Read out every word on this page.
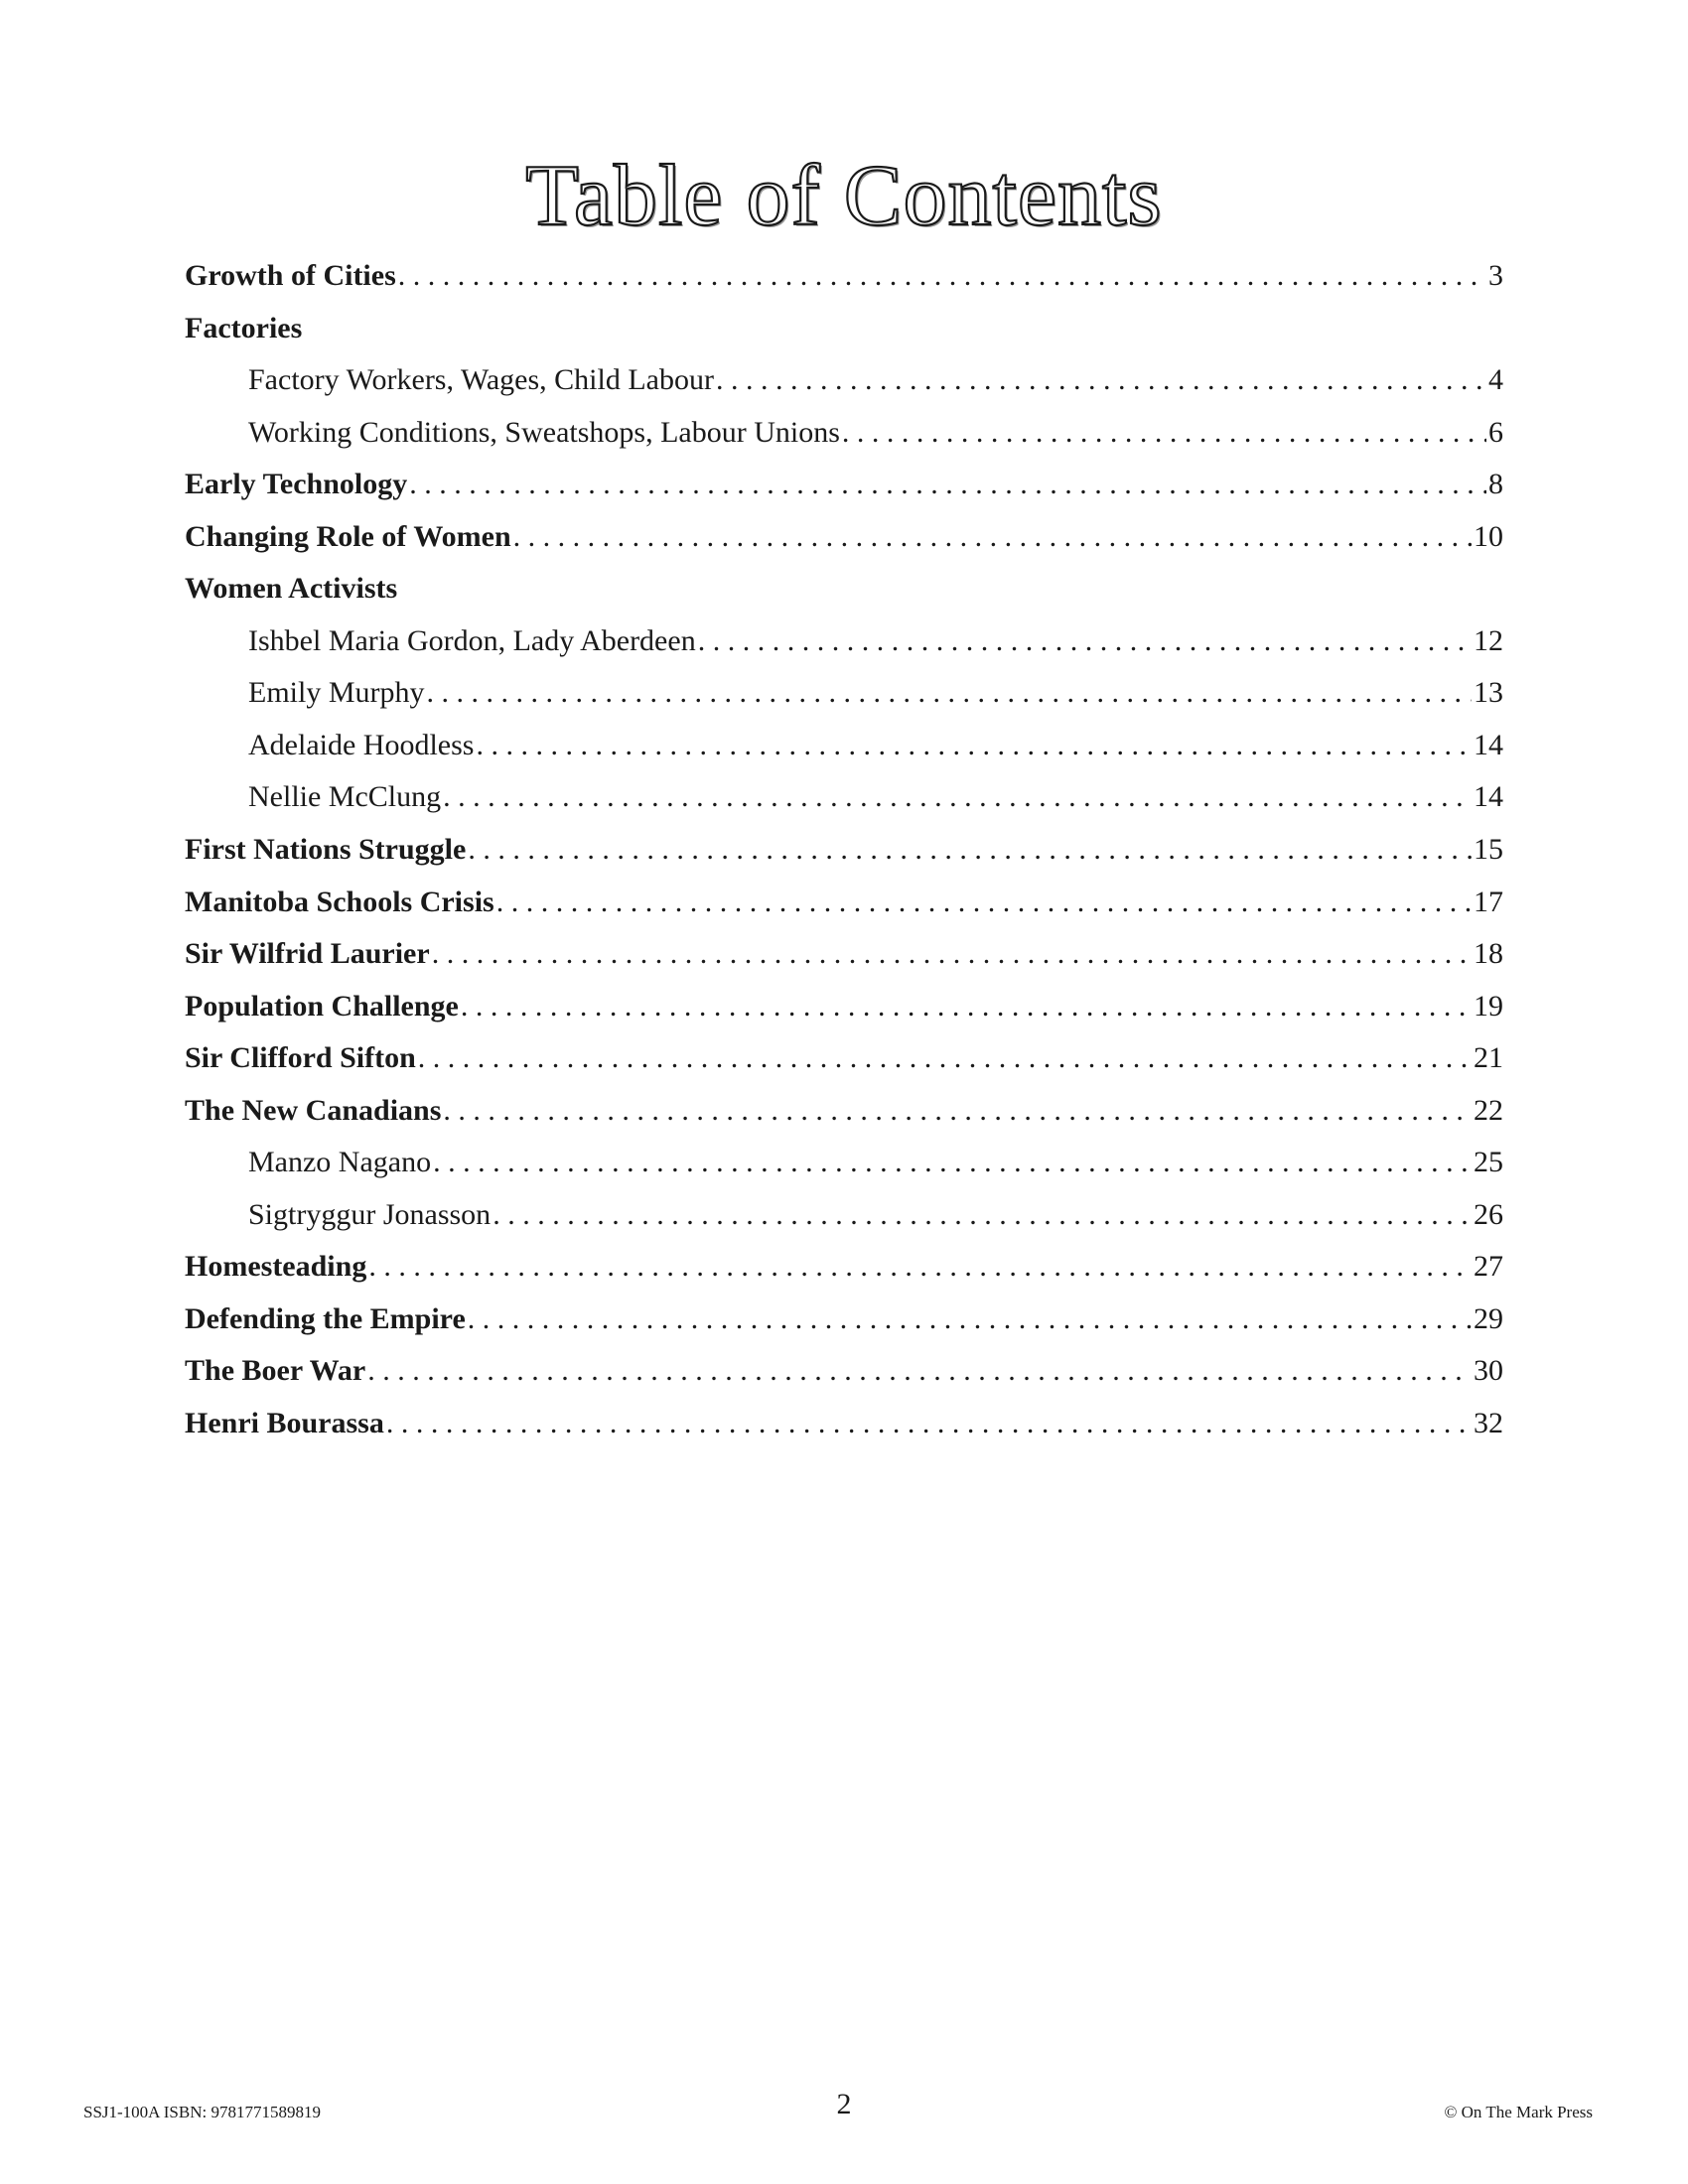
Table of Contents
Growth of Cities . . .	3
Factories
Factory Workers, Wages, Child Labour . . .	4
Working Conditions, Sweatshops, Labour Unions . . .	6
Early Technology . . .	8
Changing Role of Women . . .	10
Women Activists
Ishbel Maria Gordon, Lady Aberdeen . . .	12
Emily Murphy . . .	13
Adelaide Hoodless . . .	14
Nellie McClung . . .	14
First Nations Struggle . . .	15
Manitoba Schools Crisis . . .	17
Sir Wilfrid Laurier . . .	18
Population Challenge . . .	19
Sir Clifford Sifton . . .	21
The New Canadians . . .	22
Manzo Nagano . . .	25
Sigtryggur Jonasson . . .	26
Homesteading . . .	27
Defending the Empire . . .	29
The Boer War . . .	30
Henri Bourassa . . .	32
SSJ1-100A ISBN: 9781771589819	2	© On The Mark Press
